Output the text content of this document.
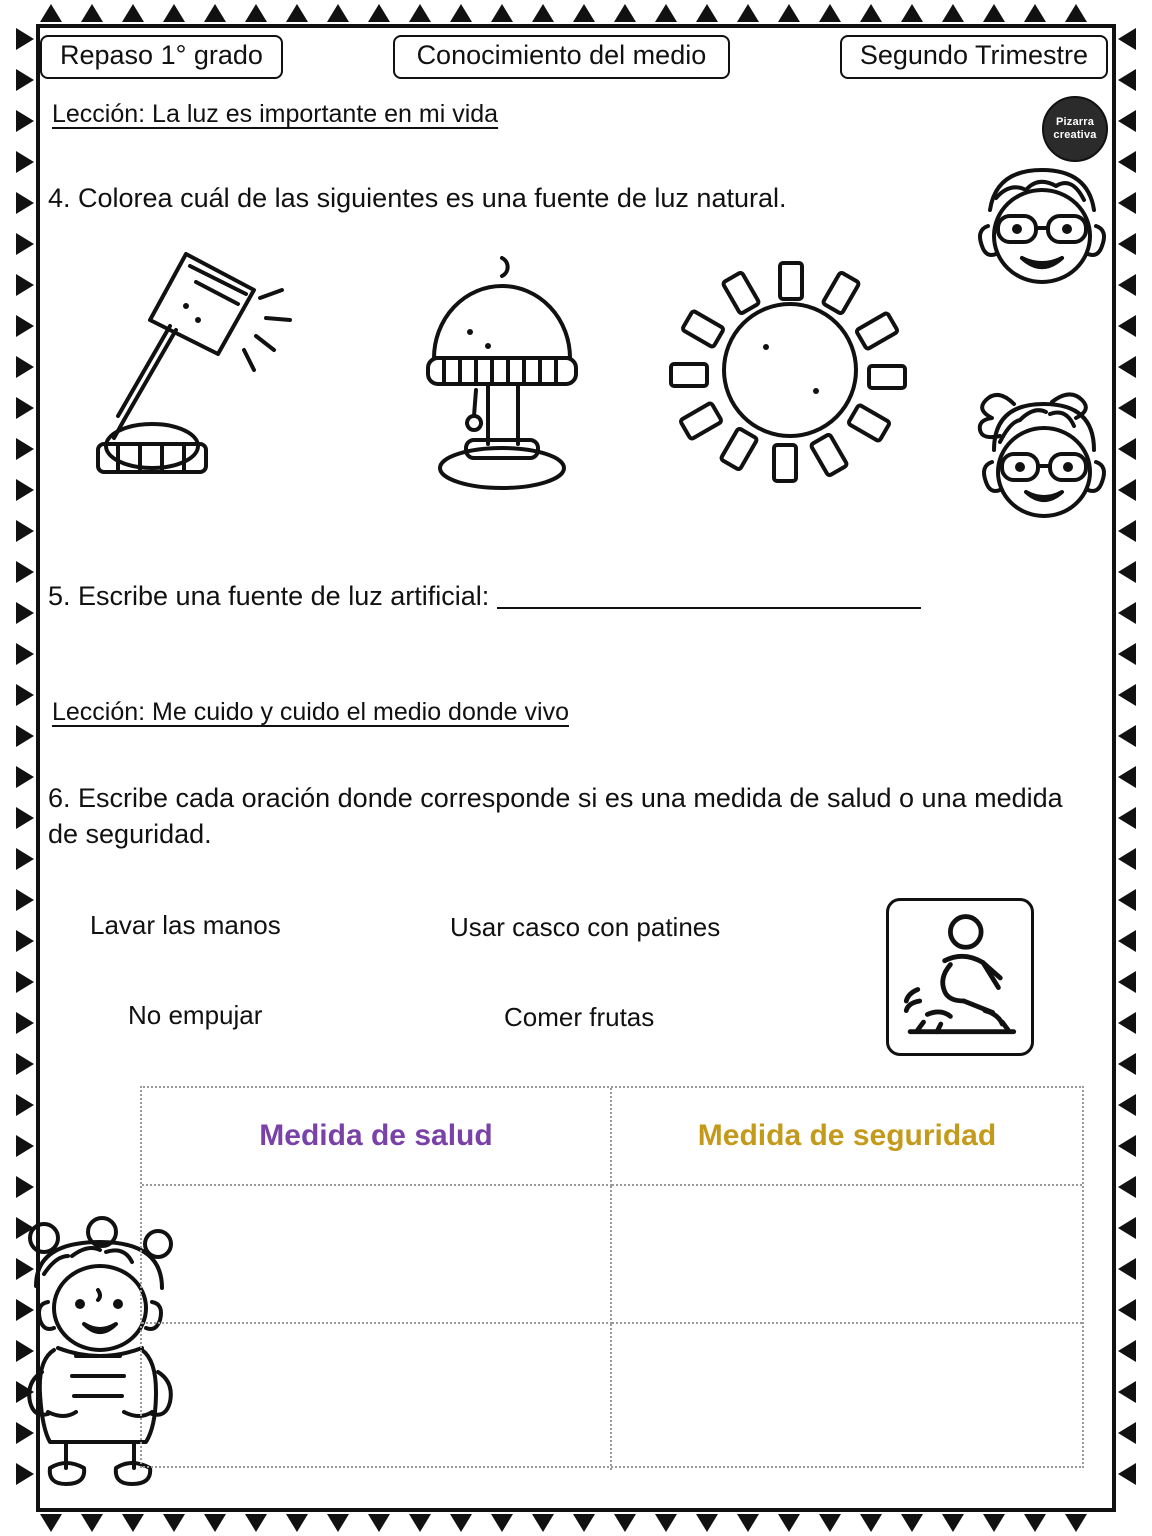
Repaso 1° grado	Conocimiento del medio	Segundo Trimestre
Pizarra
creativa
Lección: La luz es importante en mi vida
4. Colorea cuál de las siguientes es una fuente de luz natural.
5. Escribe una fuente de luz artificial:
Lección: Me cuido y cuido el medio donde vivo
6. Escribe cada oración donde corresponde si es una medida de salud o una medida de seguridad.
Lavar las manos	Usar casco con patines
No empujar	Comer frutas
Medida de salud	Medida de seguridad
